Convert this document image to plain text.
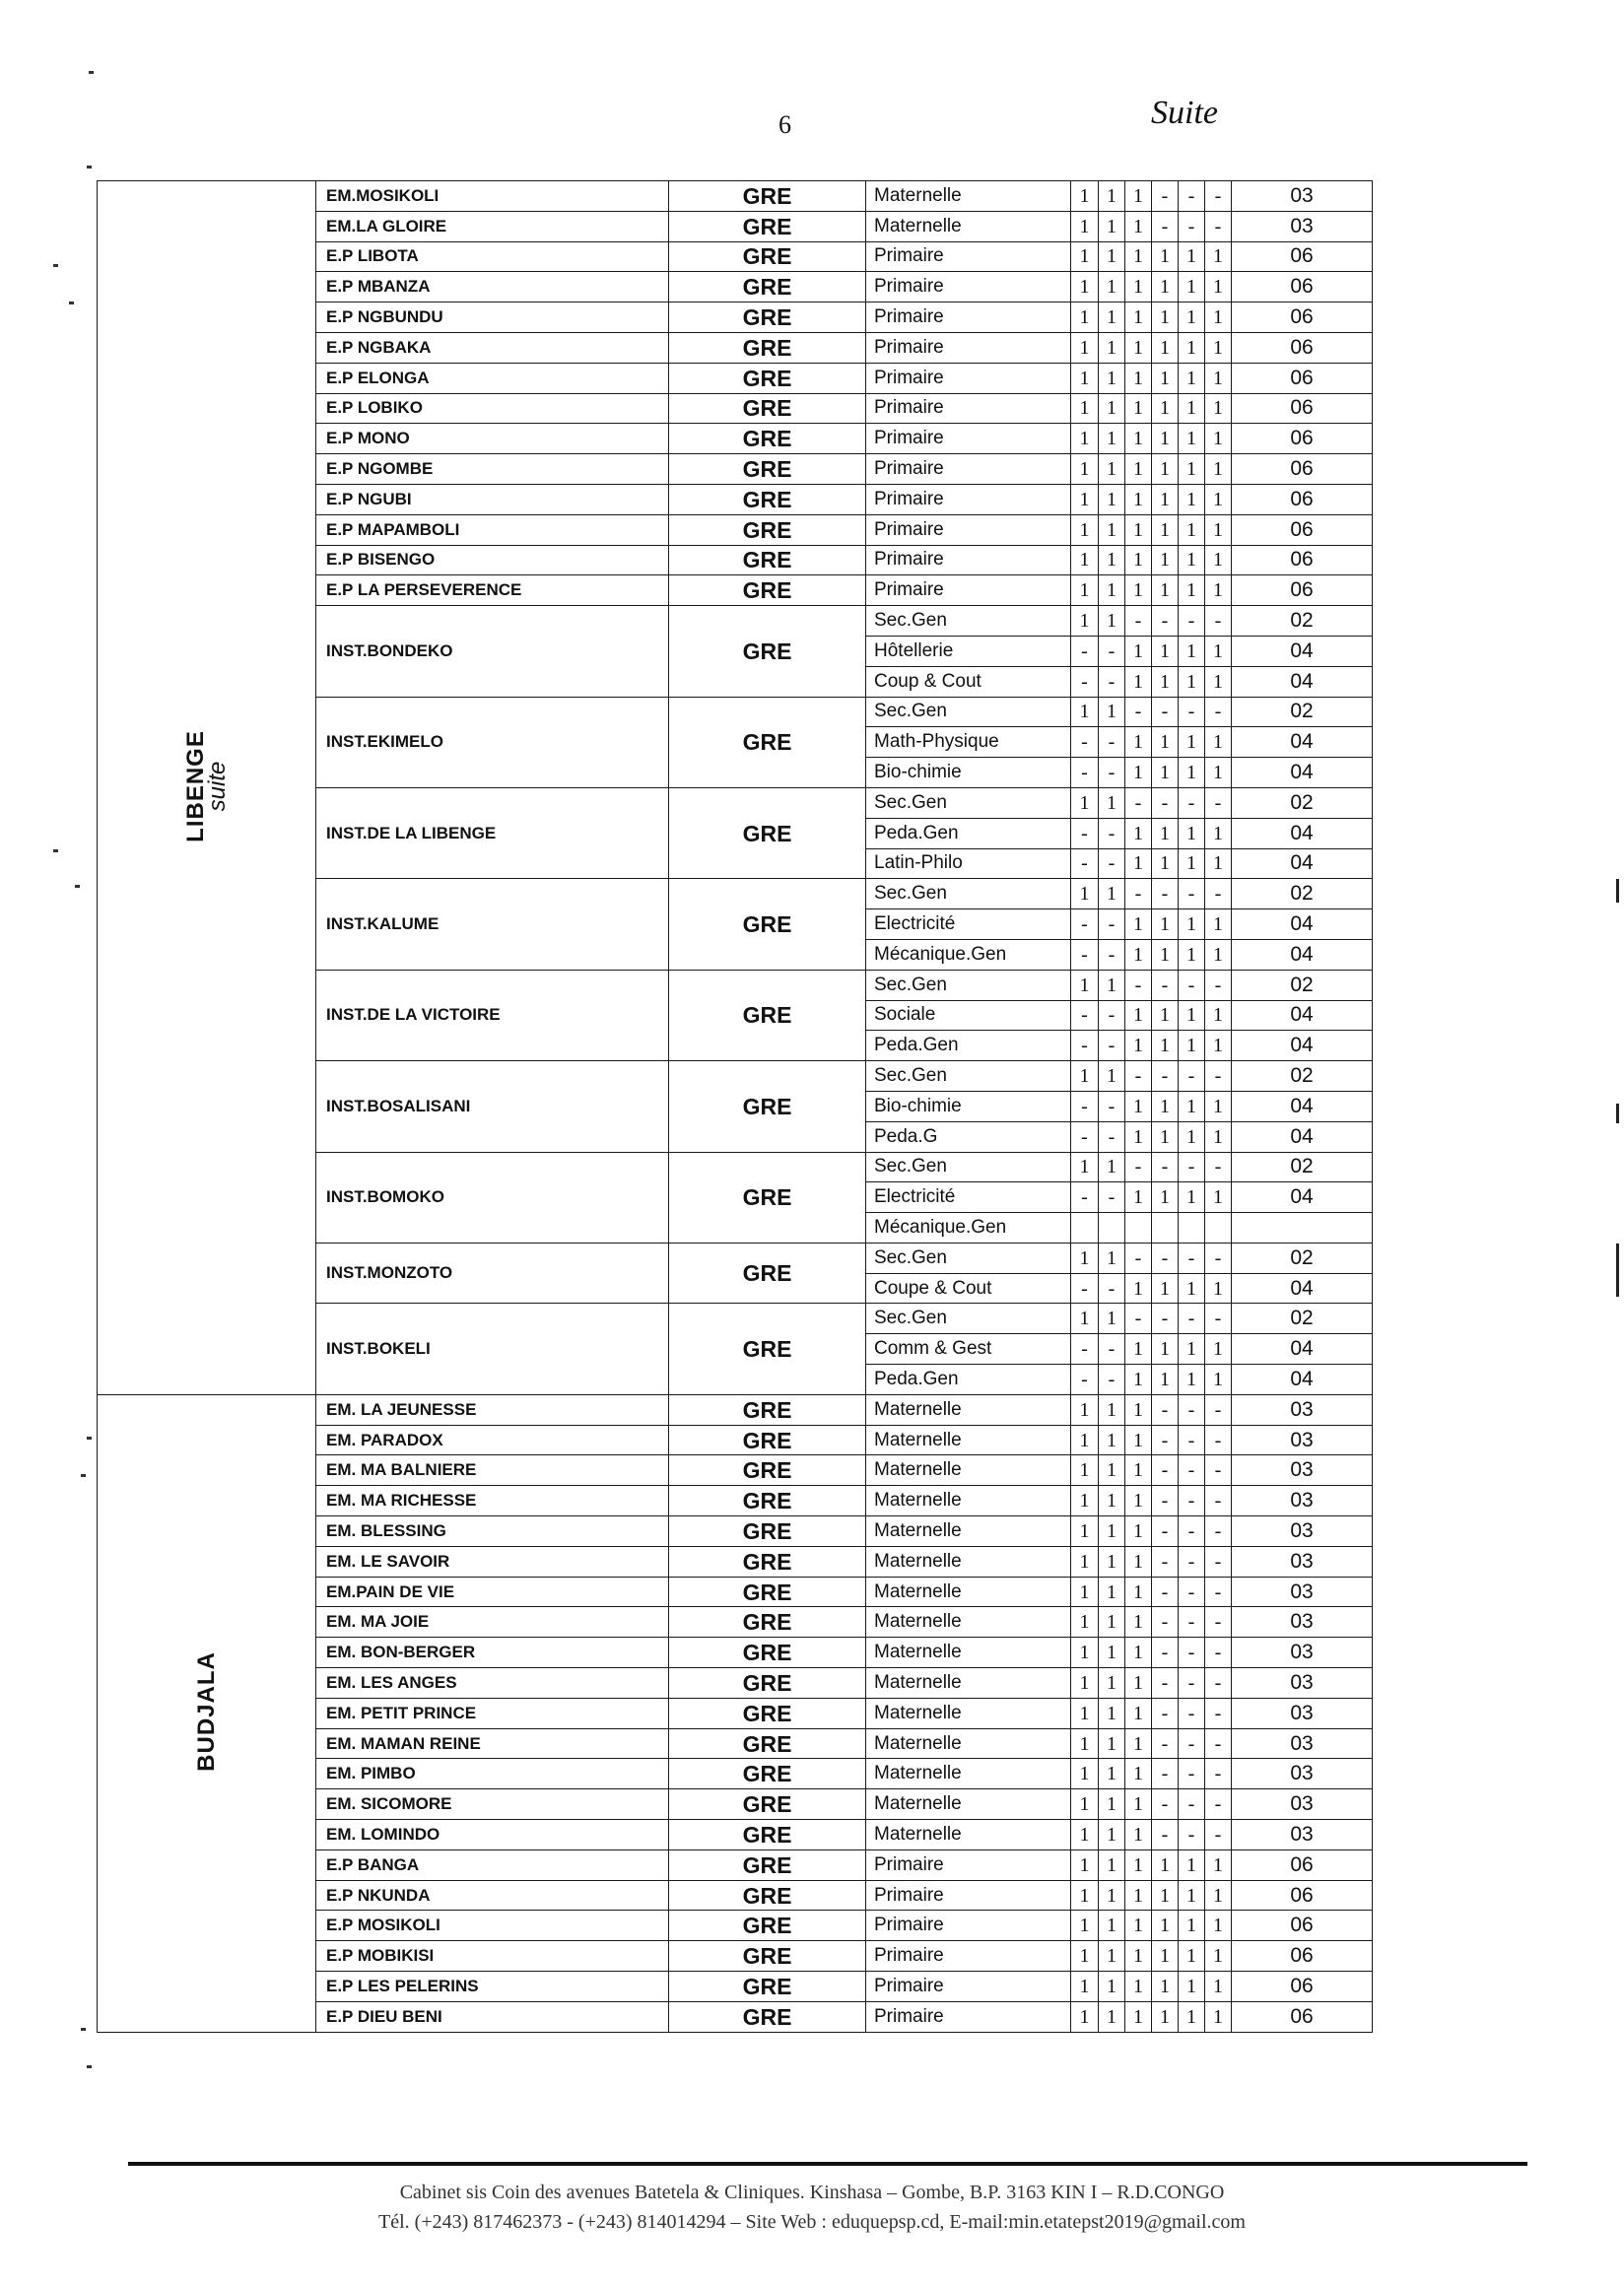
6	Suite
LIBENGE
suite	EM.MOSIKOLI	GRE	Maternelle	1	1	1	-	-	-	03
	EM.LA GLOIRE	GRE	Maternelle	1	1	1	-	-	-	03
	E.P LIBOTA	GRE	Primaire	1	1	1	1	1	1	06
	E.P MBANZA	GRE	Primaire	1	1	1	1	1	1	06
	E.P NGBUNDU	GRE	Primaire	1	1	1	1	1	1	06
	E.P NGBAKA	GRE	Primaire	1	1	1	1	1	1	06
	E.P ELONGA	GRE	Primaire	1	1	1	1	1	1	06
	E.P LOBIKO	GRE	Primaire	1	1	1	1	1	1	06
	E.P MONO	GRE	Primaire	1	1	1	1	1	1	06
	E.P NGOMBE	GRE	Primaire	1	1	1	1	1	1	06
	E.P NGUBI	GRE	Primaire	1	1	1	1	1	1	06
	E.P MAPAMBOLI	GRE	Primaire	1	1	1	1	1	1	06
	E.P BISENGO	GRE	Primaire	1	1	1	1	1	1	06
	E.P LA PERSEVERENCE	GRE	Primaire	1	1	1	1	1	1	06
	INST.BONDEKO	GRE	Sec.Gen	1	1	-	-	-	-	02
			Hôtellerie	-	-	1	1	1	1	04
			Coup & Cout	-	-	1	1	1	1	04
	INST.EKIMELO	GRE	Sec.Gen	1	1	-	-	-	-	02
			Math-Physique	-	-	1	1	1	1	04
			Bio-chimie	-	-	1	1	1	1	04
	INST.DE LA LIBENGE	GRE	Sec.Gen	1	1	-	-	-	-	02
			Peda.Gen	-	-	1	1	1	1	04
			Latin-Philo	-	-	1	1	1	1	04
	INST.KALUME	GRE	Sec.Gen	1	1	-	-	-	-	02
			Electricité	-	-	1	1	1	1	04
			Mécanique.Gen	-	-	1	1	1	1	04
	INST.DE LA VICTOIRE	GRE	Sec.Gen	1	1	-	-	-	-	02
			Sociale	-	-	1	1	1	1	04
			Peda.Gen	-	-	1	1	1	1	04
	INST.BOSALISANI	GRE	Sec.Gen	1	1	-	-	-	-	02
			Bio-chimie	-	-	1	1	1	1	04
			Peda.G	-	-	1	1	1	1	04
	INST.BOMOKO	GRE	Sec.Gen	1	1	-	-	-	-	02
			Electricité	-	-	1	1	1	1	04
			Mécanique.Gen							
	INST.MONZOTO	GRE	Sec.Gen	1	1	-	-	-	-	02
			Coupe & Cout	-	-	1	1	1	1	04
	INST.BOKELI	GRE	Sec.Gen	1	1	-	-	-	-	02
			Comm & Gest	-	-	1	1	1	1	04
			Peda.Gen	-	-	1	1	1	1	04

BUDJALA	EM. LA JEUNESSE	GRE	Maternelle	1	1	1	-	-	-	03
	EM. PARADOX	GRE	Maternelle	1	1	1	-	-	-	03
	EM. MA BALNIERE	GRE	Maternelle	1	1	1	-	-	-	03
	EM. MA RICHESSE	GRE	Maternelle	1	1	1	-	-	-	03
	EM. BLESSING	GRE	Maternelle	1	1	1	-	-	-	03
	EM. LE SAVOIR	GRE	Maternelle	1	1	1	-	-	-	03
	EM.PAIN DE VIE	GRE	Maternelle	1	1	1	-	-	-	03
	EM. MA JOIE	GRE	Maternelle	1	1	1	-	-	-	03
	EM. BON-BERGER	GRE	Maternelle	1	1	1	-	-	-	03
	EM. LES ANGES	GRE	Maternelle	1	1	1	-	-	-	03
	EM. PETIT PRINCE	GRE	Maternelle	1	1	1	-	-	-	03
	EM. MAMAN REINE	GRE	Maternelle	1	1	1	-	-	-	03
	EM. PIMBO	GRE	Maternelle	1	1	1	-	-	-	03
	EM. SICOMORE	GRE	Maternelle	1	1	1	-	-	-	03
	EM. LOMINDO	GRE	Maternelle	1	1	1	-	-	-	03
	E.P BANGA	GRE	Primaire	1	1	1	1	1	1	06
	E.P NKUNDA	GRE	Primaire	1	1	1	1	1	1	06
	E.P MOSIKOLI	GRE	Primaire	1	1	1	1	1	1	06
	E.P MOBIKISI	GRE	Primaire	1	1	1	1	1	1	06
	E.P LES PELERINS	GRE	Primaire	1	1	1	1	1	1	06
	E.P DIEU BENI	GRE	Primaire	1	1	1	1	1	1	06
Cabinet sis Coin des avenues Batetela & Cliniques. Kinshasa – Gombe, B.P. 3163 KIN I – R.D.CONGO
Tél. (+243) 817462373 - (+243) 814014294 – Site Web : eduquepsp.cd, E-mail:min.etatepst2019@gmail.com
